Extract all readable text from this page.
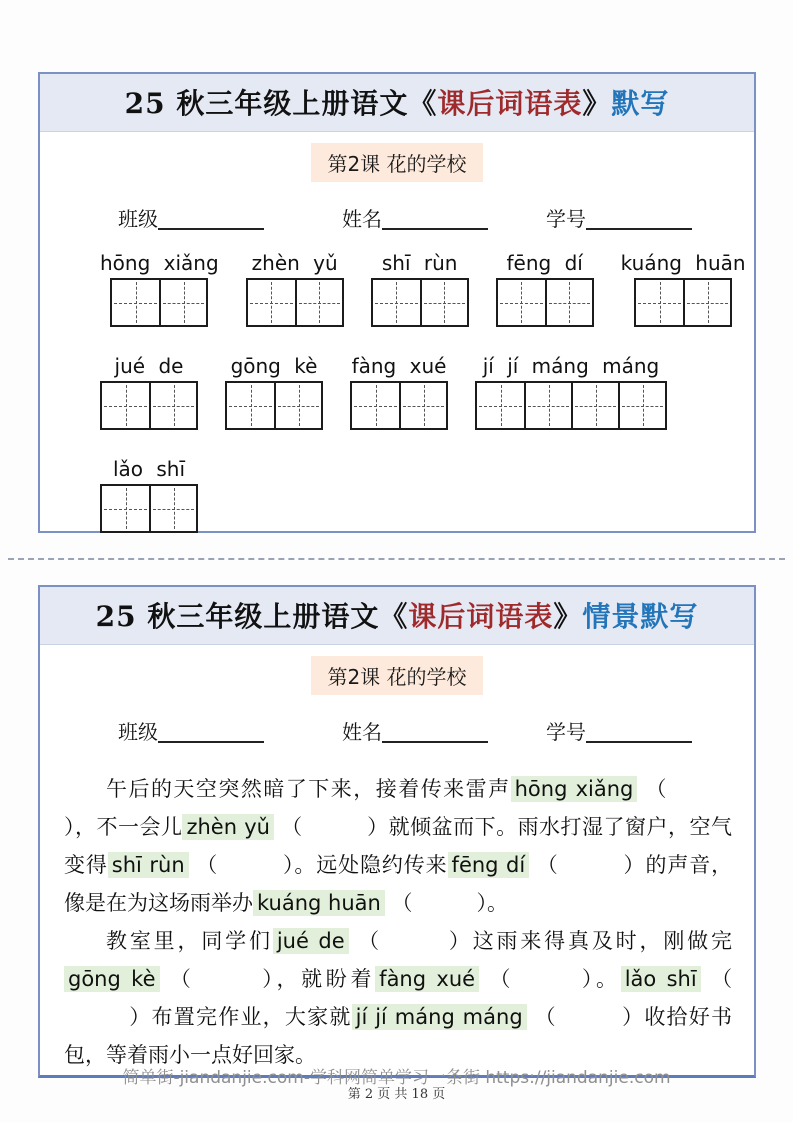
25 秋三年级上册语文《课后词语表》默写
第2课 花的学校
班级	姓名	学号
hōng xiǎng zhèn yǔ shī rùn fēng dí kuáng huān
jué de gōng kè fàng xué jí jí máng máng
lǎo shī
25 秋三年级上册语文《课后词语表》情景默写
第2课 花的学校
班级	姓名	学号

午后的天空突然暗了下来，接着传来雷声 hōng xiǎng （），不一会儿 zhèn yǔ （	）就倾盆而下。雨水打湿了窗户，空气变得 shī rùn （	）。远处隐约传来 fēng dí （	）的声音，像是在为这场雨举办 kuáng huān （	）。

教室里，同学们 jué de （	）这雨来得真及时，刚做完gōng kè （	），就盼着 fàng xué （	）。 lǎo shī （）布置完作业，大家就 jí jí máng máng （	）收拾好书包，等着雨小一点好回家。

简单街-jiandanjie.com-学科网简单学习一条街 https://jiandanjie.com
第 2 页 共 18 页
